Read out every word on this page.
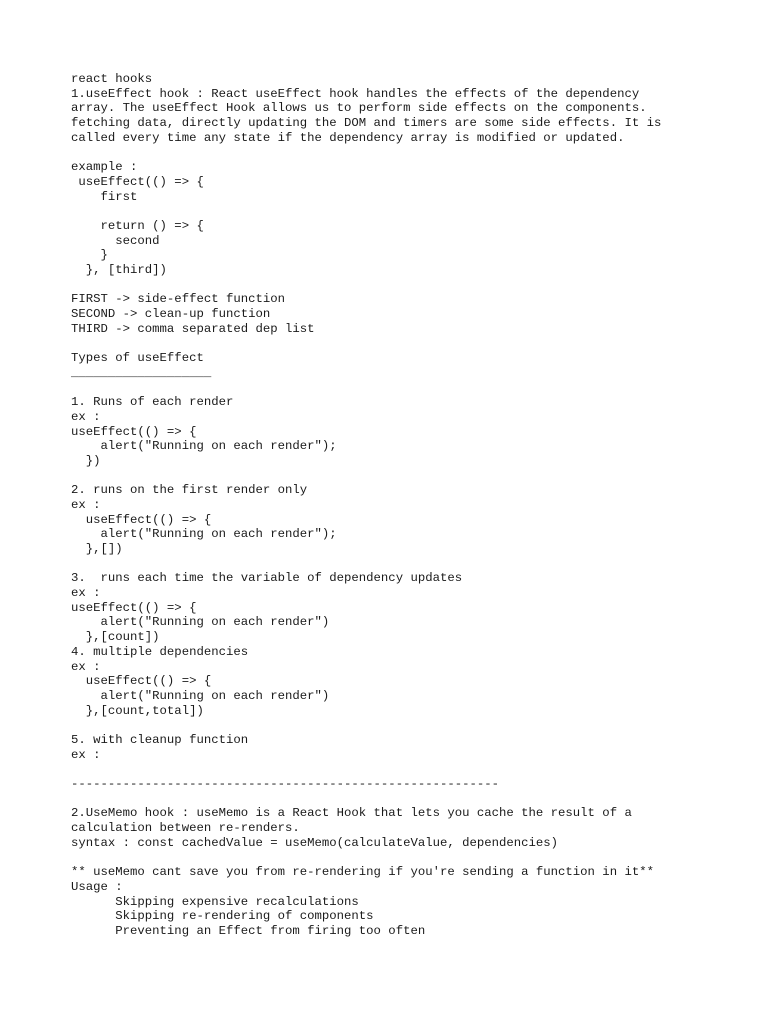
react hooks
1.useEffect hook : React useEffect hook handles the effects of the dependency
array. The useEffect Hook allows us to perform side effects on the components.
fetching data, directly updating the DOM and timers are some side effects. It is
called every time any state if the dependency array is modified or updated.
example :
useEffect(() => {
first
return () => {
second
}
}, [third])
FIRST -> side-effect function
SECOND -> clean-up function
THIRD -> comma separated dep list
Types of useEffect
___________________
1. Runs of each render
ex :
useEffect(() => {
alert("Running on each render");
})
2. runs on the first render only
ex :
useEffect(() => {
alert("Running on each render");
},[])
3.  runs each time the variable of dependency updates
ex :
useEffect(() => {
alert("Running on each render")
},[count])
4. multiple dependencies
ex :
useEffect(() => {
alert("Running on each render")
},[count,total])
5. with cleanup function
ex :
----------------------------------------------------------
2.UseMemo hook : useMemo is a React Hook that lets you cache the result of a
calculation between re-renders.
syntax : const cachedValue = useMemo(calculateValue, dependencies)
** useMemo cant save you from re-rendering if you're sending a function in it**
Usage :
Skipping expensive recalculations
Skipping re-rendering of components
Preventing an Effect from firing too often
